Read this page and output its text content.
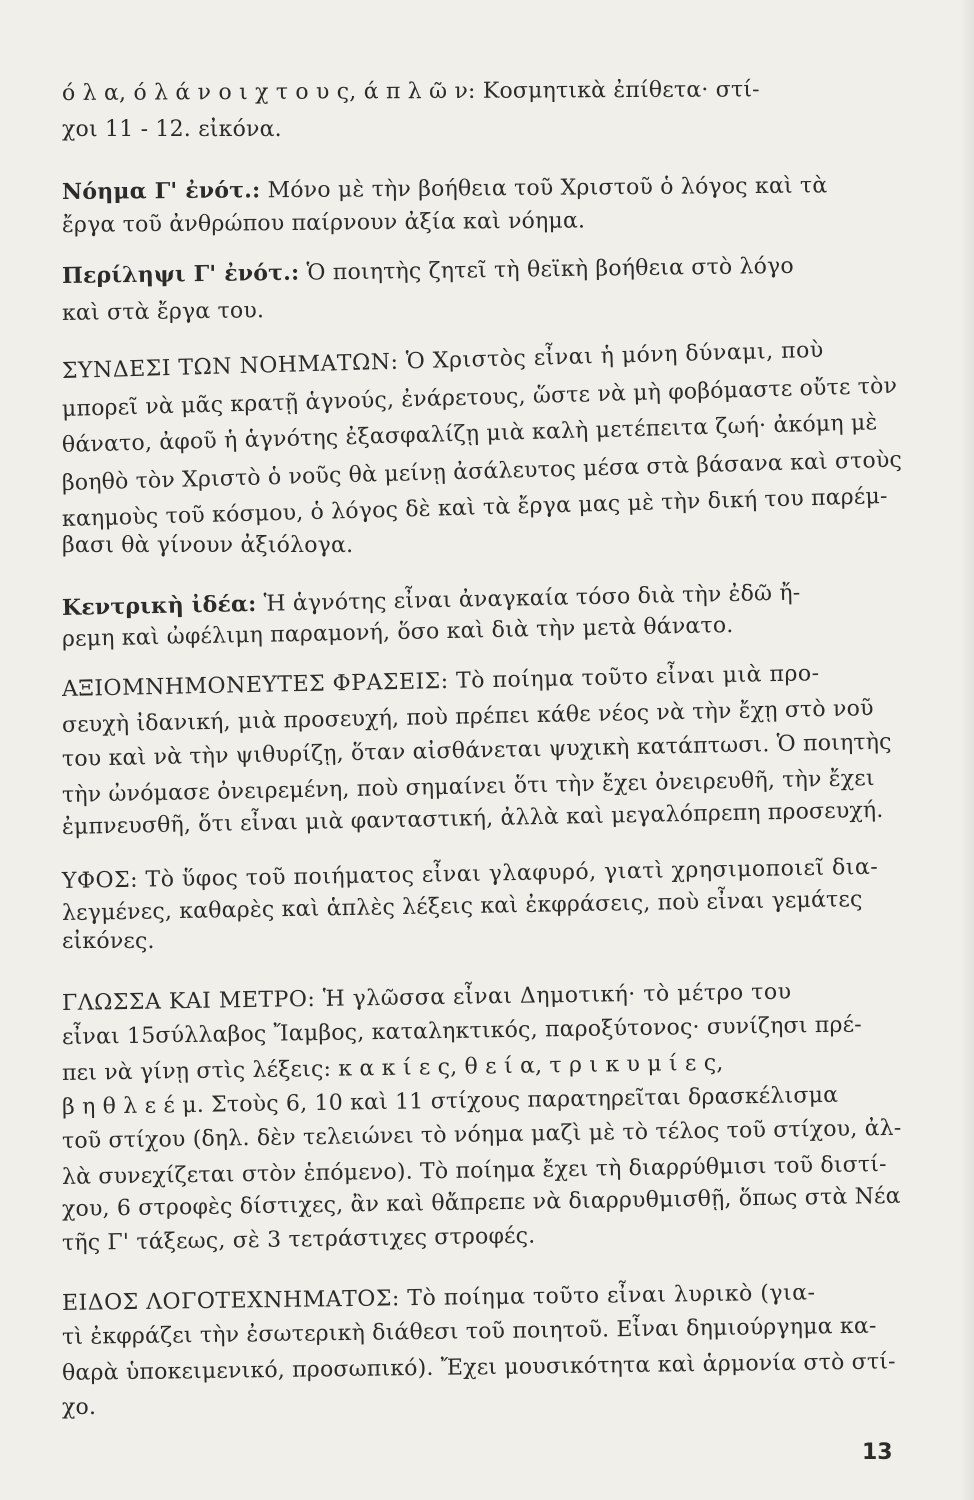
ό λ α, ό λ ά ν ο ι χ τ ο υ ς, ά π λ ῶ ν: Κοσμητικὰ ἐπίθετα· στί-
χοι 11 - 12. εἰκόνα.
Νόημα Γ' ἐνότ.: Μόνο μὲ τὴν βοήθεια τοῦ Χριστοῦ ὁ λόγος καὶ τὰ
ἔργα τοῦ ἀνθρώπου παίρνουν ἀξία καὶ νόημα.
Περίληψι Γ' ἐνότ.: Ὁ ποιητὴς ζητεῖ τὴ θεϊκὴ βοήθεια στὸ λόγο
καὶ στὰ ἔργα του.
ΣΥΝΔΕΣΙ ΤΩΝ ΝΟΗΜΑΤΩΝ: Ὁ Χριστὸς εἶναι ἡ μόνη δύναμι, ποὺ
μπορεῖ νὰ μᾶς κρατῇ ἁγνούς, ἐνάρετους, ὥστε νὰ μὴ φοβόμαστε οὔτε τὸν
θάνατο, ἀφοῦ ἡ ἁγνότης ἐξασφαλίζῃ μιὰ καλὴ μετέπειτα ζωή· ἀκόμη μὲ
βοηθὸ τὸν Χριστὸ ὁ νοῦς θὰ μείνῃ ἀσάλευτος μέσα στὰ βάσανα καὶ στοὺς
καημοὺς τοῦ κόσμου, ὁ λόγος δὲ καὶ τὰ ἔργα μας μὲ τὴν δική του παρέμ-
βασι θὰ γίνουν ἀξιόλογα.
Κεντρικὴ ἰδέα: Ἡ ἁγνότης εἶναι ἀναγκαία τόσο διὰ τὴν ἐδῶ ἤ-
ρεμη καὶ ὠφέλιμη παραμονή, ὅσο καὶ διὰ τὴν μετὰ θάνατο.
ΑΞΙΟΜΝΗΜΟΝΕΥΤΕΣ ΦΡΑΣΕΙΣ: Τὸ ποίημα τοῦτο εἶναι μιὰ προ-
σευχὴ ἰδανική, μιὰ προσευχή, ποὺ πρέπει κάθε νέος νὰ τὴν ἔχῃ στὸ νοῦ
του καὶ νὰ τὴν ψιθυρίζῃ, ὅταν αἰσθάνεται ψυχικὴ κατάπτωσι. Ὁ ποιητὴς
τὴν ὠνόμασε ὀνειρεμένη, ποὺ σημαίνει ὅτι τὴν ἔχει ὀνειρευθῆ, τὴν ἔχει
ἐμπνευσθῆ, ὅτι εἶναι μιὰ φανταστική, ἀλλὰ καὶ μεγαλόπρεπη προσευχή.
ΥΦΟΣ: Τὸ ὕφος τοῦ ποιήματος εἶναι γλαφυρό, γιατὶ χρησιμοποιεῖ δια-
λεγμένες, καθαρὲς καὶ ἁπλὲς λέξεις καὶ ἐκφράσεις, ποὺ εἶναι γεμάτες
εἰκόνες.
ΓΛΩΣΣΑ ΚΑΙ ΜΕΤΡΟ: Ἡ γλῶσσα εἶναι Δημοτική· τὸ μέτρο του
εἶναι 15σύλλαβος Ἴαμβος, καταληκτικός, παροξύτονος· συνίζησι πρέ-
πει νὰ γίνῃ στὶς λέξεις: κ α κ ί ε ς, θ ε ί α, τ ρ ι κ υ μ ί ε ς,
β η θ λ ε έ μ. Στοὺς 6, 10 καὶ 11 στίχους παρατηρεῖται δρασκέλισμα
τοῦ στίχου (δηλ. δὲν τελειώνει τὸ νόημα μαζὶ μὲ τὸ τέλος τοῦ στίχου, ἀλ-
λὰ συνεχίζεται στὸν ἑπόμενο). Τὸ ποίημα ἔχει τὴ διαρρύθμισι τοῦ διστί-
χου, 6 στροφὲς δίστιχες, ἂν καὶ θἄπρεπε νὰ διαρρυθμισθῇ, ὅπως στὰ Νέα
τῆς Γ' τάξεως, σὲ 3 τετράστιχες στροφές.
ΕΙΔΟΣ ΛΟΓΟΤΕΧΝΗΜΑΤΟΣ: Τὸ ποίημα τοῦτο εἶναι λυρικὸ (για-
τὶ ἐκφράζει τὴν ἐσωτερικὴ διάθεσι τοῦ ποιητοῦ. Εἶναι δημιούργημα κα-
θαρὰ ὑποκειμενικό, προσωπικό). Ἔχει μουσικότητα καὶ ἁρμονία στὸ στί-
χο.
13
